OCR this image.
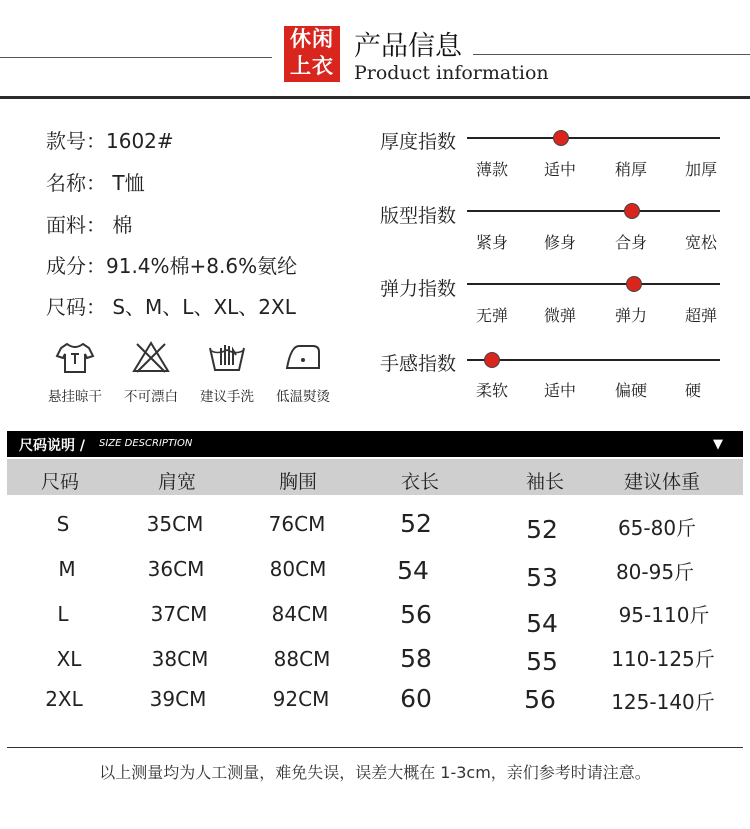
休闲
上衣
产品信息
Product information
款号：1602#
名称： T恤
面料： 棉
成分：91.4%棉+8.6%氨纶
尺码： S、M、L、XL、2XL
悬挂晾干	不可漂白	建议手洗	低温熨烫
厚度指数
薄款	适中	稍厚	加厚
版型指数
紧身	修身	合身	宽松
弹力指数
无弹	微弹	弹力	超弹
手感指数
柔软	适中	偏硬	硬
尺码说明 / SIZE DESCRIPTION	▼
尺码	肩宽	胸围	衣长	袖长	建议体重
S	35CM	76CM	52	52	65-80斤
M	36CM	80CM	54	53	80-95斤
L	37CM	84CM	56	54	95-110斤
XL	38CM	88CM	58	55	110-125斤
2XL	39CM	92CM	60	56	125-140斤
以上测量均为人工测量，难免失误，误差大概在 1-3cm，亲们参考时请注意。
